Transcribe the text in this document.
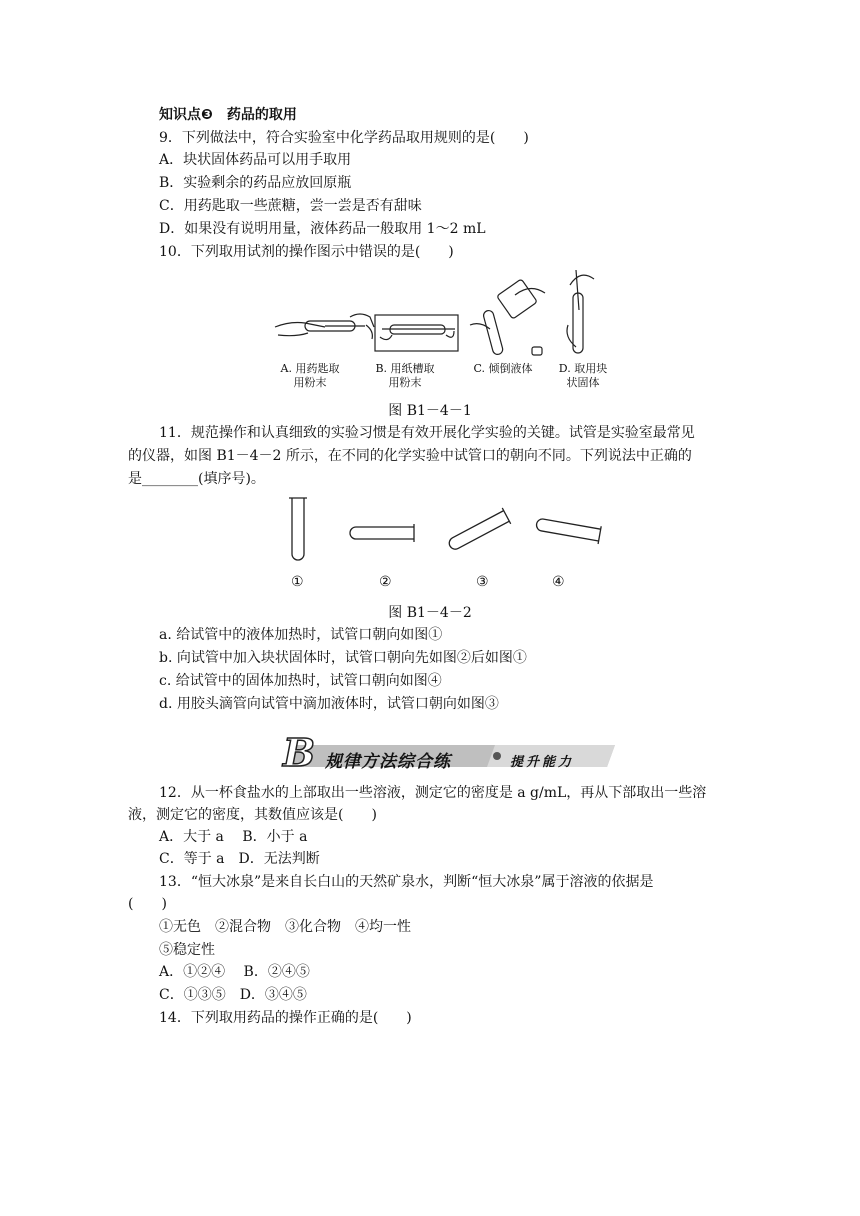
知识点❸ 药品的取用
9．下列做法中，符合实验室中化学药品取用规则的是(　　)
A．块状固体药品可以用手取用
B．实验剩余的药品应放回原瓶
C．用药匙取一些蔗糖，尝一尝是否有甜味
D．如果没有说明用量，液体药品一般取用 1～2 mL
10．下列取用试剂的操作图示中错误的是(　　)
A. 用药匙取
用粉末
B. 用纸槽取
用粉末
C. 倾倒液体	D. 取用块
状固体
图 B1－4－1
11．规范操作和认真细致的实验习惯是有效开展化学实验的关键。试管是实验室最常见
的仪器，如图 B1－4－2 所示，在不同的化学实验中试管口的朝向不同。下列说法中正确的
是________(填序号)。
①	②	③	④
图 B1－4－2
a. 给试管中的液体加热时，试管口朝向如图①
b. 向试管中加入块状固体时，试管口朝向先如图②后如图①
c. 给试管中的固体加热时，试管口朝向如图④
d. 用胶头滴管向试管中滴加液体时，试管口朝向如图③
B 规律方法综合练	提升能力
12．从一杯食盐水的上部取出一些溶液，测定它的密度是 a g/mL，再从下部取出一些溶
液，测定它的密度，其数值应该是(　　)
A．大于 a　 B．小于 a
C．等于 a　D．无法判断
13．“恒大冰泉”是来自长白山的天然矿泉水，判断“恒大冰泉”属于溶液的依据是
(　　)
①无色　②混合物　③化合物　④均一性
⑤稳定性
A．①②④　 B．②④⑤
C．①③⑤　D．③④⑤
14．下列取用药品的操作正确的是(　　)
